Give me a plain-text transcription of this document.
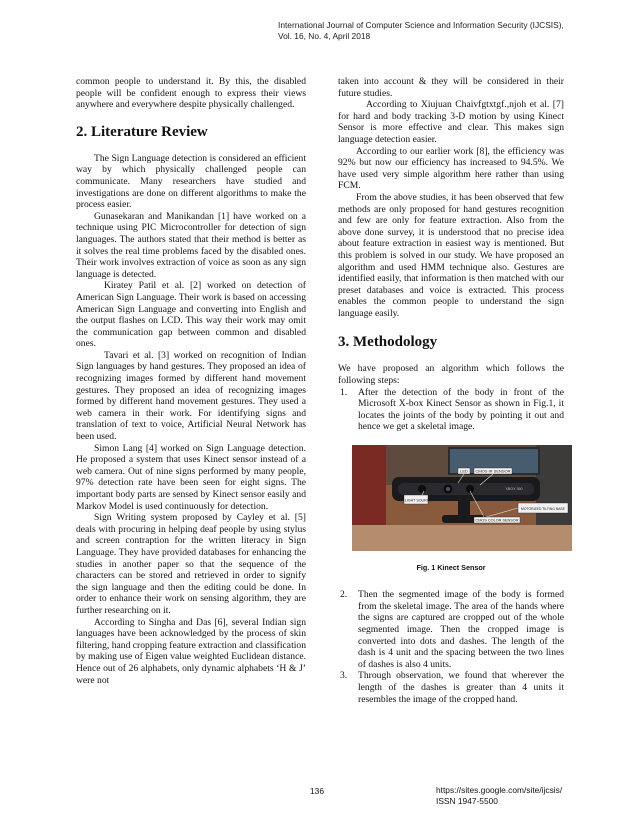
International Journal of Computer Science and Information Security (IJCSIS),
Vol. 16, No. 4, April 2018

common people to understand it. By this, the disabled people will be confident enough to express their views anywhere and everywhere despite physically challenged.

2. Literature Review

The Sign Language detection is considered an efficient way by which physically challenged people can communicate. Many researchers have studied and investigations are done on different algorithms to make the process easier.

Gunasekaran and Manikandan [1] have worked on a technique using PIC Microcontroller for detection of sign languages. The authors stated that their method is better as it solves the real time problems faced by the disabled ones. Their work involves extraction of voice as soon as any sign language is detected.

Kiratey Patil et al. [2] worked on detection of American Sign Language. Their work is based on accessing American Sign Language and converting into English and the output flashes on LCD. This way their work may omit the communication gap between common and disabled ones.

Tavari et al. [3] worked on recognition of Indian Sign languages by hand gestures. They proposed an idea of recognizing images formed by different hand movement gestures. They proposed an idea of recognizing images formed by different hand movement gestures. They used a web camera in their work. For identifying signs and translation of text to voice, Artificial Neural Network has been used.

Simon Lang [4] worked on Sign Language detection. He proposed a system that uses Kinect sensor instead of a web camera. Out of nine signs performed by many people, 97% detection rate have been seen for eight signs. The important body parts are sensed by Kinect sensor easily and Markov Model is used continuously for detection.

Sign Writing system proposed by Cayley et al. [5] deals with procuring in helping deaf people by using stylus and screen contraption for the written literacy in Sign Language. They have provided databases for enhancing the studies in another paper so that the sequence of the characters can be stored and retrieved in order to signify the sign language and then the editing could be done. In order to enhance their work on sensing algorithm, they are further researching on it.

According to Singha and Das [6], several Indian sign languages have been acknowledged by the process of skin filtering, hand cropping feature extraction and classification by making use of Eigen value weighted Euclidean distance. Hence out of 26 alphabets, only dynamic alphabets ‘H & J’ were not

taken into account & they will be considered in their future studies.

According to Xiujuan Chaivfgtxtgf.,njoh et al. [7] for hard and body tracking 3-D motion by using Kinect Sensor is more effective and clear. This makes sign language detection easier.

According to our earlier work [8], the efficiency was 92% but now our efficiency has increased to 94.5%. We have used very simple algorithm here rather than using FCM.

From the above studies, it has been observed that few methods are only proposed for hand gestures recognition and few are only for feature extraction. Also from the above done survey, it is understood that no precise idea about feature extraction in easiest way is mentioned. But this problem is solved in our study. We have proposed an algorithm and used HMM technique also. Gestures are identified easily, that information is then matched with our preset databases and voice is extracted. This process enables the common people to understand the sign language easily.

3. Methodology

We have proposed an algorithm which follows the following steps:

1. After the detection of the body in front of the Microsoft X-box Kinect Sensor as shown in Fig.1, it locates the joints of the body by pointing it out and hence we get a skeletal image.
LED CMOS IR SENSOR
IR LIGHT SOURCE
XBOX 360
MOTORIZED TILTING BASE
CMOS COLOR SENSOR
Fig. 1 Kinect Sensor
2. Then the segmented image of the body is formed from the skeletal image. The area of the hands where the signs are captured are cropped out of the whole segmented image. Then the cropped image is converted into dots and dashes. The length of the dash is 4 unit and the spacing between the two lines of dashes is also 4 units.
3. Through observation, we found that wherever the length of the dashes is greater than 4 units it resembles the image of the cropped hand.
136	https://sites.google.com/site/ijcsis/
ISSN 1947-5500
